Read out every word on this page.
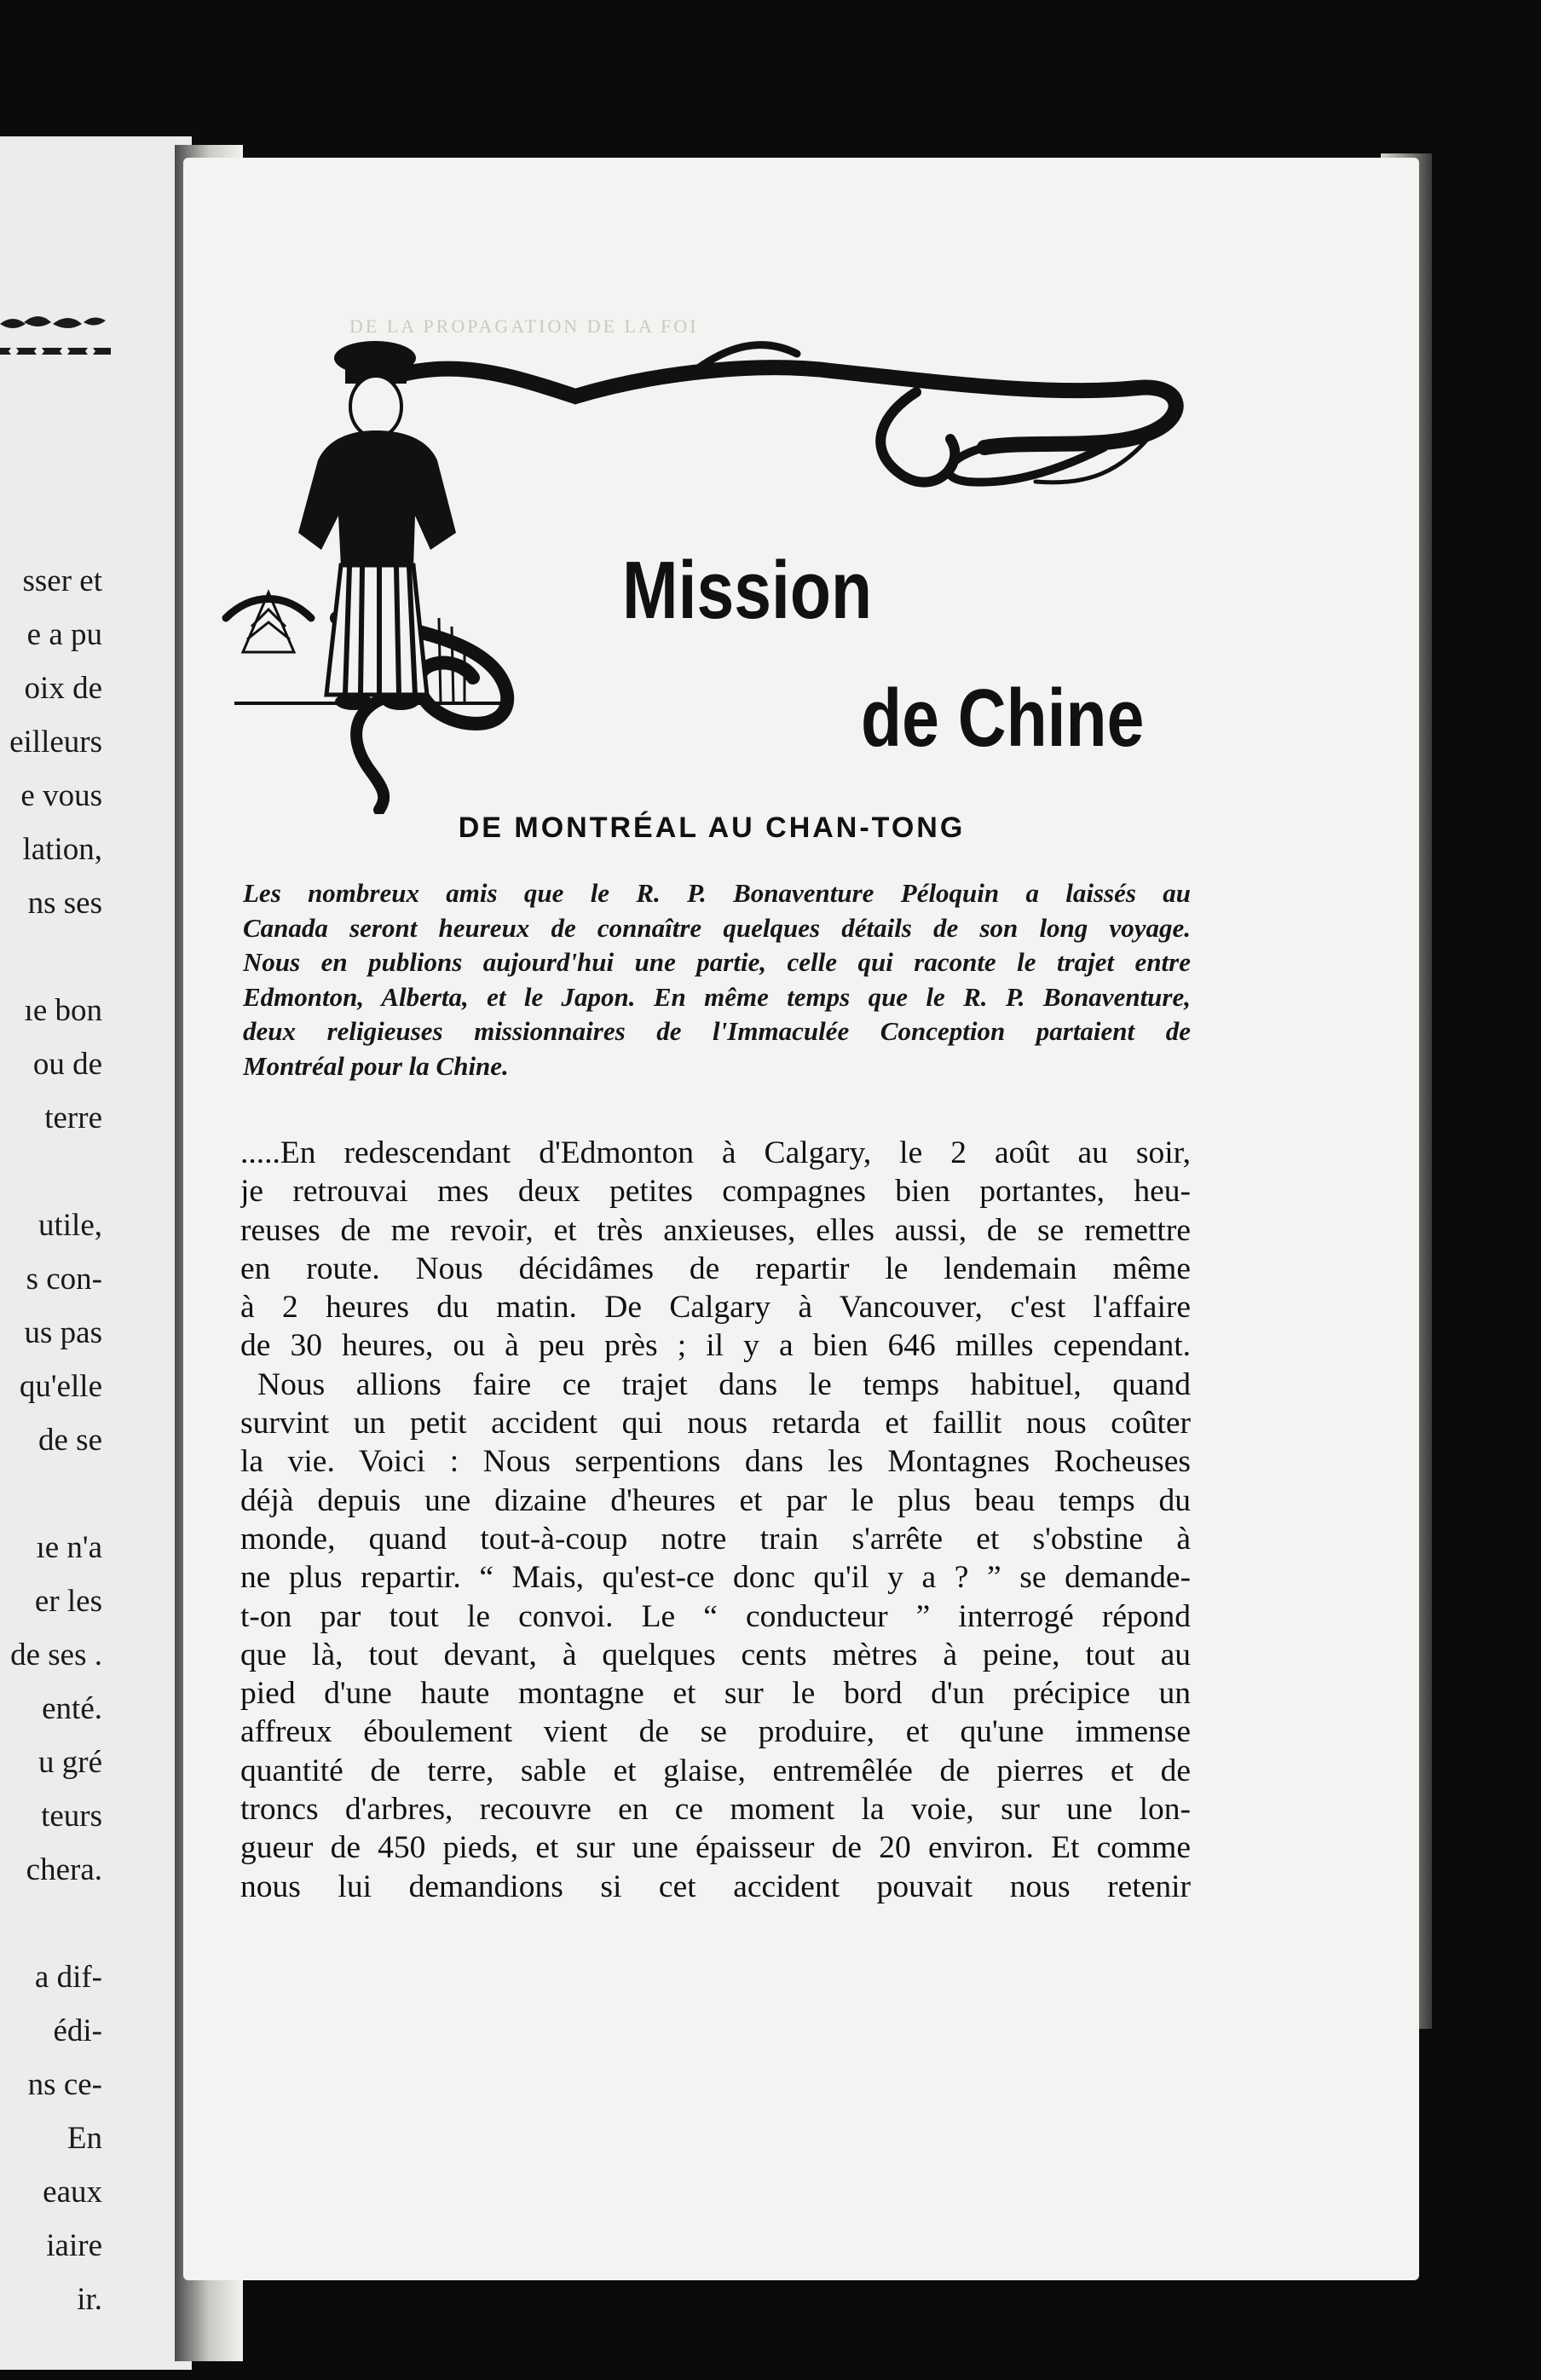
sser et
e a pu
oix de
eilleurs
e vous
lation,
ns ses
ıe bon
ou de
terre
utile,
s con-
us pas
qu'elle
de se
ıe n'a
er les
de ses .
enté.
u gré
teurs
chera.
a dif-
édi-
ns ce-
En
eaux
iaire
ir.
DE LA PROPAGATION DE LA FOI
Mission
de Chine
DE MONTRÉAL AU CHAN-TONG
Les nombreux amis que le R. P. Bonaventure Péloquin a laissés au
Canada seront heureux de connaître quelques détails de son long voyage.
Nous en publions aujourd'hui une partie, celle qui raconte le trajet entre
Edmonton, Alberta, et le Japon. En même temps que le R. P. Bonaventure,
deux religieuses missionnaires de l'Immaculée Conception partaient de
Montréal pour la Chine.
.....En redescendant d'Edmonton à Calgary, le 2 août au soir,
je retrouvai mes deux petites compagnes bien portantes, heu-
reuses de me revoir, et très anxieuses, elles aussi, de se remettre
en route. Nous décidâmes de repartir le lendemain même
à 2 heures du matin. De Calgary à Vancouver, c'est l'affaire
de 30 heures, ou à peu près ; il y a bien 646 milles cependant.
Nous allions faire ce trajet dans le temps habituel, quand
survint un petit accident qui nous retarda et faillit nous coûter
la vie. Voici : Nous serpentions dans les Montagnes Rocheuses
déjà depuis une dizaine d'heures et par le plus beau temps du
monde, quand tout-à-coup notre train s'arrête et s'obstine à
ne plus repartir. “ Mais, qu'est-ce donc qu'il y a ? ” se demande-
t-on par tout le convoi. Le “ conducteur ” interrogé répond
que là, tout devant, à quelques cents mètres à peine, tout au
pied d'une haute montagne et sur le bord d'un précipice un
affreux éboulement vient de se produire, et qu'une immense
quantité de terre, sable et glaise, entremêlée de pierres et de
troncs d'arbres, recouvre en ce moment la voie, sur une lon-
gueur de 450 pieds, et sur une épaisseur de 20 environ. Et comme
nous lui demandions si cet accident pouvait nous retenir
